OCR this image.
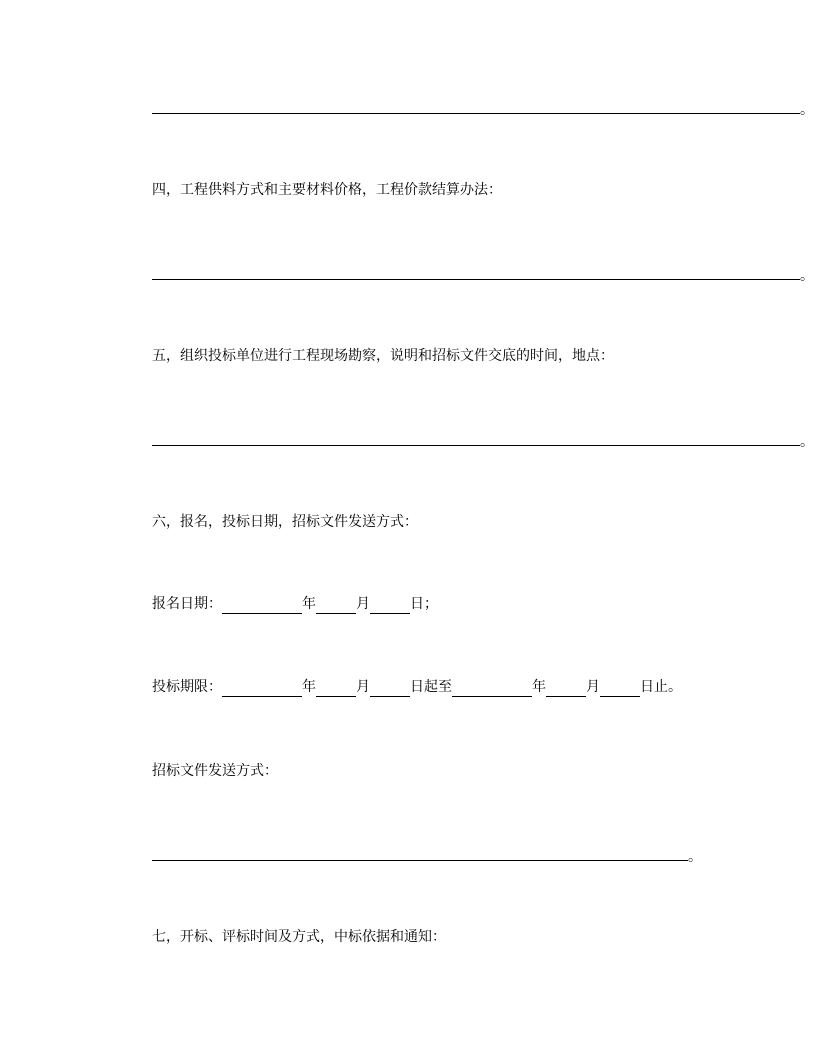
。
四，工程供料方式和主要材料价格，工程价款结算办法：
。
五，组织投标单位进行工程现场勘察，说明和招标文件交底的时间，地点：
。
六，报名，投标日期，招标文件发送方式：
报名日期：	年	月	日；
投标期限：	年	月	日起至	年	月	日止。
招标文件发送方式：
。
七，开标、评标时间及方式，中标依据和通知：
